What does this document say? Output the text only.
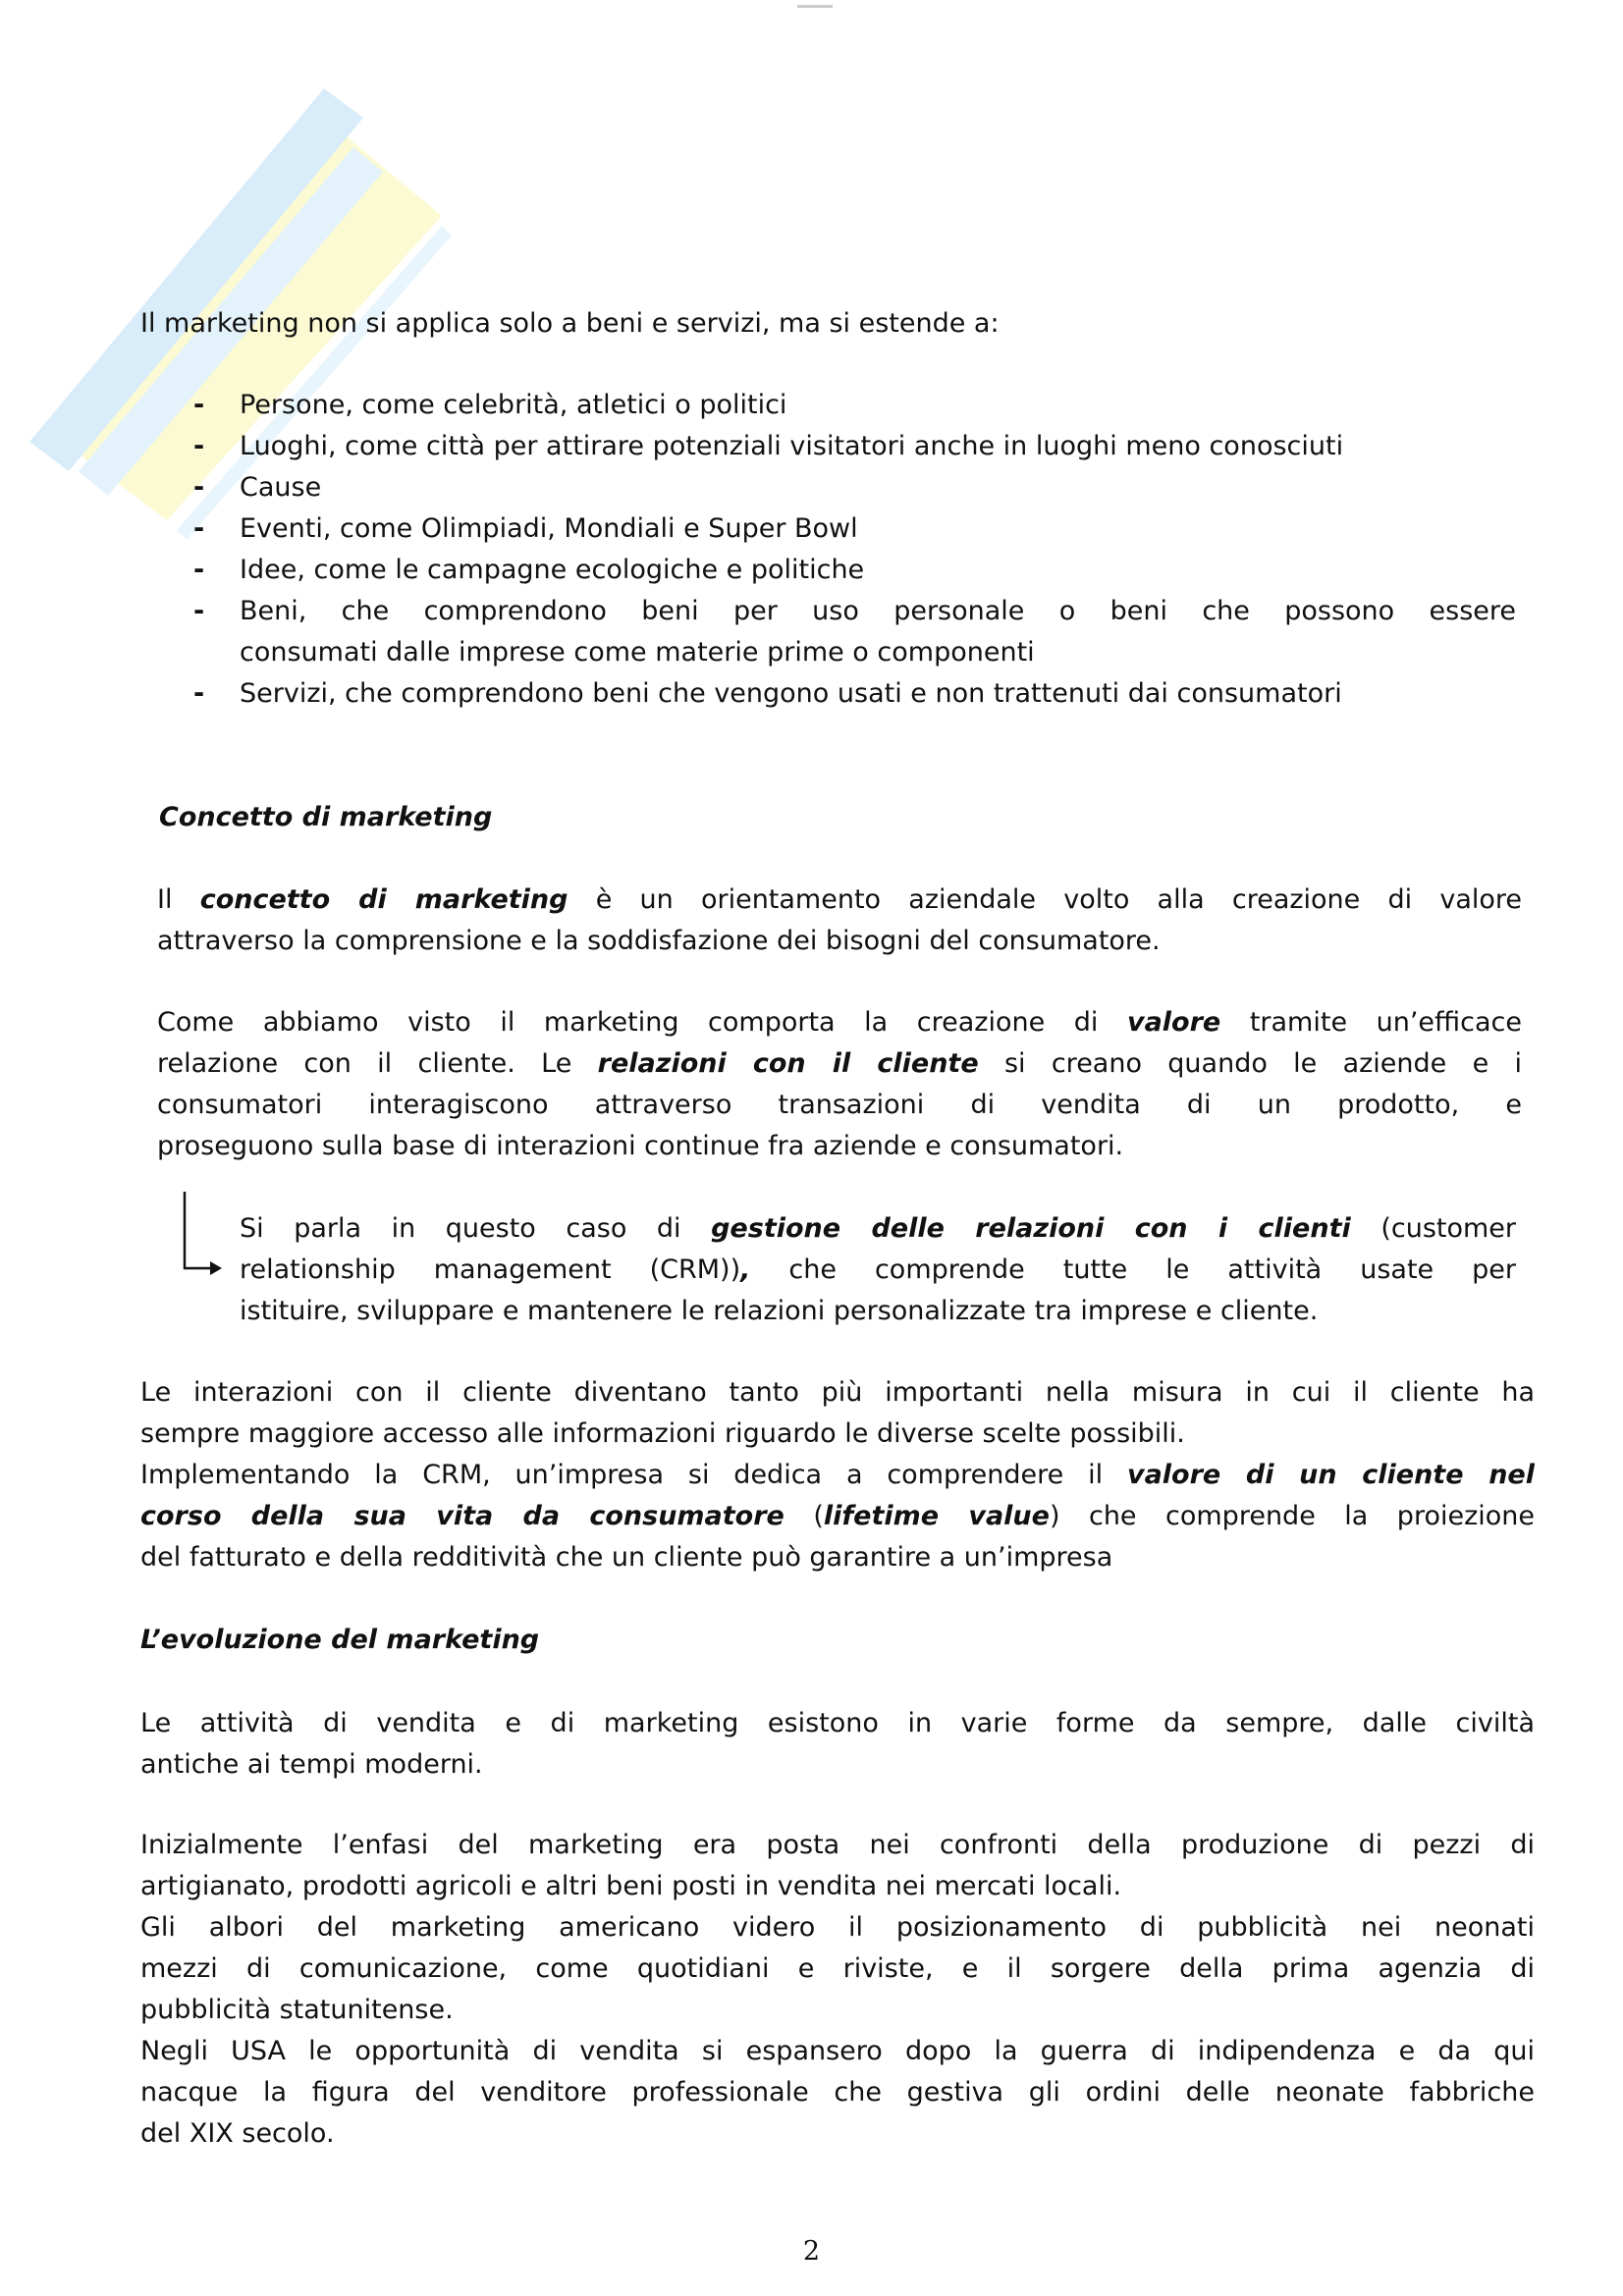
Il marketing non si applica solo a beni e servizi, ma si estende a:
- Persone, come celebrità, atletici o politici
- Luoghi, come città per attirare potenziali visitatori anche in luoghi meno conosciuti
- Cause
- Eventi, come Olimpiadi, Mondiali e Super Bowl
- Idee, come le campagne ecologiche e politiche
- Beni, che comprendono beni per uso personale o beni che possono essere
consumati dalle imprese come materie prime o componenti
- Servizi, che comprendono beni che vengono usati e non trattenuti dai consumatori
Concetto di marketing
Il concetto di marketing è un orientamento aziendale volto alla creazione di valore
attraverso la comprensione e la soddisfazione dei bisogni del consumatore.
Come abbiamo visto il marketing comporta la creazione di valore tramite un’efficace
relazione con il cliente. Le relazioni con il cliente si creano quando le aziende e i
consumatori interagiscono attraverso transazioni di vendita di un prodotto, e
proseguono sulla base di interazioni continue fra aziende e consumatori.
Si parla in questo caso di gestione delle relazioni con i clienti (customer
relationship management (CRM)), che comprende tutte le attività usate per
istituire, sviluppare e mantenere le relazioni personalizzate tra imprese e cliente.
Le interazioni con il cliente diventano tanto più importanti nella misura in cui il cliente ha
sempre maggiore accesso alle informazioni riguardo le diverse scelte possibili.
Implementando la CRM, un’impresa si dedica a comprendere il valore di un cliente nel
corso della sua vita da consumatore (lifetime value) che comprende la proiezione
del fatturato e della redditività che un cliente può garantire a un’impresa
L’evoluzione del marketing
Le attività di vendita e di marketing esistono in varie forme da sempre, dalle civiltà
antiche ai tempi moderni.
Inizialmente l’enfasi del marketing era posta nei confronti della produzione di pezzi di
artigianato, prodotti agricoli e altri beni posti in vendita nei mercati locali.
Gli albori del marketing americano videro il posizionamento di pubblicità nei neonati
mezzi di comunicazione, come quotidiani e riviste, e il sorgere della prima agenzia di
pubblicità statunitense.
Negli USA le opportunità di vendita si espansero dopo la guerra di indipendenza e da qui
nacque la figura del venditore professionale che gestiva gli ordini delle neonate fabbriche
del XIX secolo.
2
